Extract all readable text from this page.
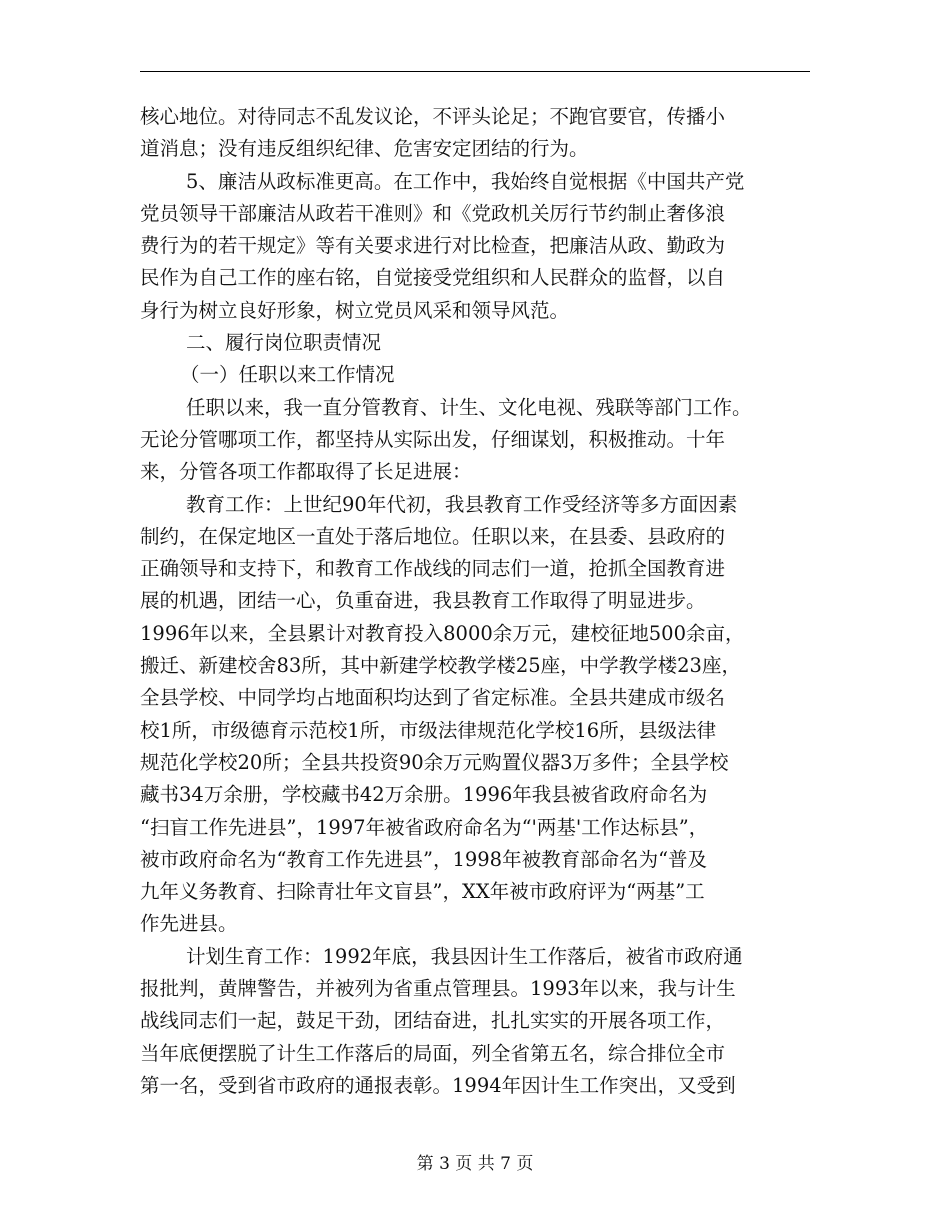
核心地位。对待同志不乱发议论，不评头论足；不跑官要官，传播小
道消息；没有违反组织纪律、危害安定团结的行为。
5、廉洁从政标准更高。在工作中，我始终自觉根据《中国共产党
党员领导干部廉洁从政若干准则》和《党政机关厉行节约制止奢侈浪
费行为的若干规定》等有关要求进行对比检查，把廉洁从政、勤政为
民作为自己工作的座右铭，自觉接受党组织和人民群众的监督，以自
身行为树立良好形象，树立党员风采和领导风范。
二、履行岗位职责情况
（一）任职以来工作情况
任职以来，我一直分管教育、计生、文化电视、残联等部门工作。
无论分管哪项工作，都坚持从实际出发，仔细谋划，积极推动。十年
来，分管各项工作都取得了长足进展：
教育工作：上世纪90年代初，我县教育工作受经济等多方面因素
制约，在保定地区一直处于落后地位。任职以来，在县委、县政府的
正确领导和支持下，和教育工作战线的同志们一道，抢抓全国教育进
展的机遇，团结一心，负重奋进，我县教育工作取得了明显进步。
1996年以来，全县累计对教育投入8000余万元，建校征地500余亩，
搬迁、新建校舍83所，其中新建学校教学楼25座，中学教学楼23座，
全县学校、中同学均占地面积均达到了省定标准。全县共建成市级名
校1所，市级德育示范校1所，市级法律规范化学校16所，县级法律
规范化学校20所；全县共投资90余万元购置仪器3万多件；全县学校
藏书34万余册，学校藏书42万余册。1996年我县被省政府命名为
“扫盲工作先进县”，1997年被省政府命名为“'两基'工作达标县”，
被市政府命名为“教育工作先进县”，1998年被教育部命名为“普及
九年义务教育、扫除青壮年文盲县”，XX年被市政府评为“两基”工
作先进县。
计划生育工作：1992年底，我县因计生工作落后，被省市政府通
报批判，黄牌警告，并被列为省重点管理县。1993年以来，我与计生
战线同志们一起，鼓足干劲，团结奋进，扎扎实实的开展各项工作，
当年底便摆脱了计生工作落后的局面，列全省第五名，综合排位全市
第一名，受到省市政府的通报表彰。1994年因计生工作突出，又受到
第 3 页 共 7 页
